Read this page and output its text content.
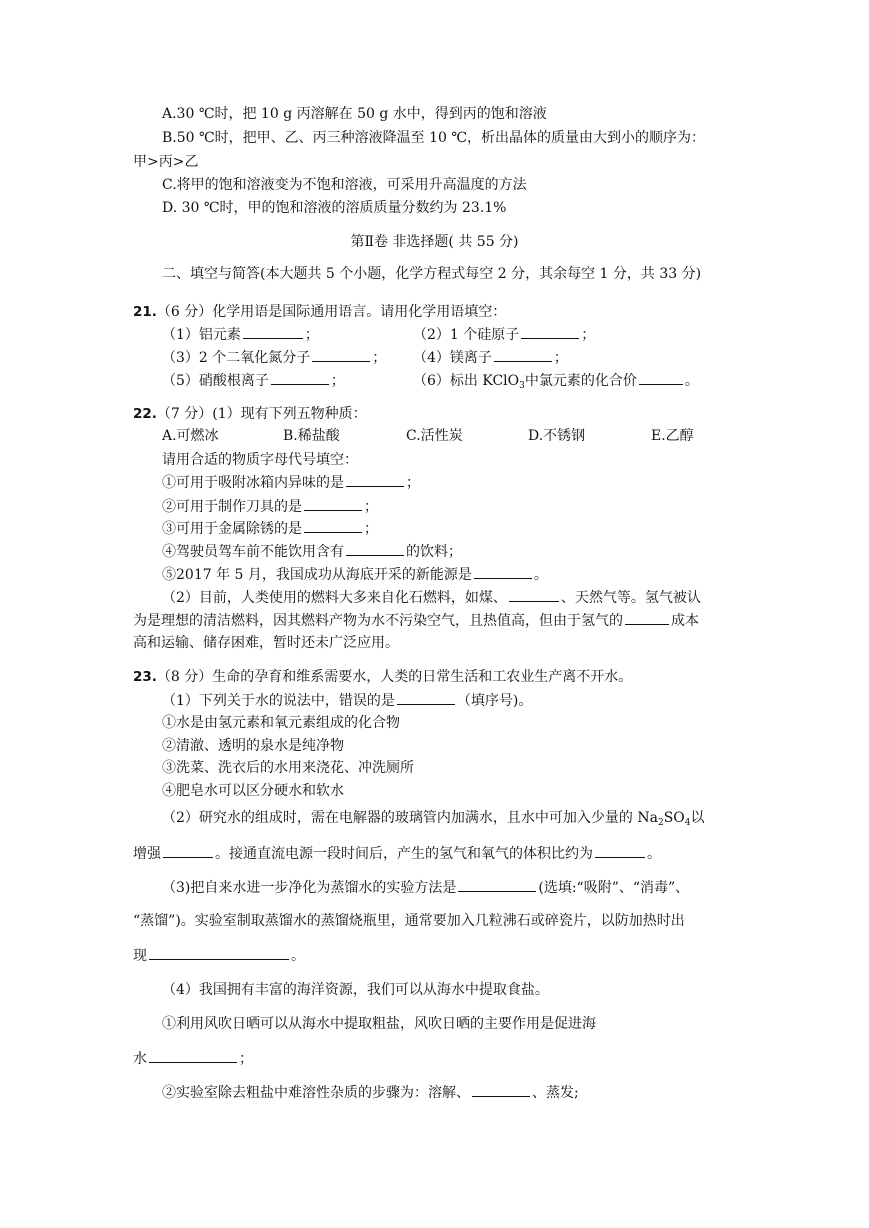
A.30 ℃时，把 10 g 丙溶解在 50 g 水中，得到丙的饱和溶液
B.50 ℃时，把甲、乙、丙三种溶液降温至 10 ℃，析出晶体的质量由大到小的顺序为：
甲>丙>乙
C.将甲的饱和溶液变为不饱和溶液，可采用升高温度的方法
D. 30 ℃时，甲的饱和溶液的溶质质量分数约为 23.1%
第Ⅱ卷 非选择题( 共 55 分)
二、填空与简答(本大题共 5 个小题，化学方程式每空 2 分，其余每空 1 分，共 33 分)
21.（6 分）化学用语是国际通用语言。请用化学用语填空：
（1）铝元素	；	（2）1 个硅原子	；
（3）2 个二氧化氮分子	； （4）镁离子	；
（5）硝酸根离子	；	（6）标出 KClO$_3$中氯元素的化合价	。
22.（7 分）(1）现有下列五物种质：
A.可燃冰	B.稀盐酸	C.活性炭	D.不锈钢	E.乙醇
请用合适的物质字母代号填空：
①可用于吸附冰箱内异味的是	；
②可用于制作刀具的是	；
③可用于金属除锈的是	；
④驾驶员驾车前不能饮用含有	的饮料；
⑤2017 年 5 月，我国成功从海底开采的新能源是	。
（2）目前，人类使用的燃料大多来自化石燃料，如煤、	、天然气等。氢气被认
为是理想的清洁燃料，因其燃料产物为水不污染空气，且热值高，但由于氢气的	成本
高和运输、储存困难，暂时还未广泛应用。
23.（8 分）生命的孕育和维系需要水，人类的日常生活和工农业生产离不开水。
（1）下列关于水的说法中，错误的是	（填序号)。
①水是由氢元素和氧元素组成的化合物
②清澈、透明的泉水是纯净物
③洗菜、洗衣后的水用来浇花、冲洗厕所
④肥皂水可以区分硬水和软水
（2）研究水的组成时，需在电解器的玻璃管内加满水，且水中可加入少量的 $Na_2SO_4$以
增强	。接通直流电源一段时间后，产生的氢气和氧气的体积比约为	。
（3)把自来水进一步净化为蒸馏水的实验方法是	(选填:“吸附”、“消毒”、
“蒸馏”)。实验室制取蒸馏水的蒸馏烧瓶里，通常要加入几粒沸石或碎瓷片，以防加热时出
现	。
（4）我国拥有丰富的海洋资源，我们可以从海水中提取食盐。
①利用风吹日晒可以从海水中提取粗盐，风吹日晒的主要作用是促进海
水	；
②实验室除去粗盐中难溶性杂质的步骤为：溶解、	、蒸发;
